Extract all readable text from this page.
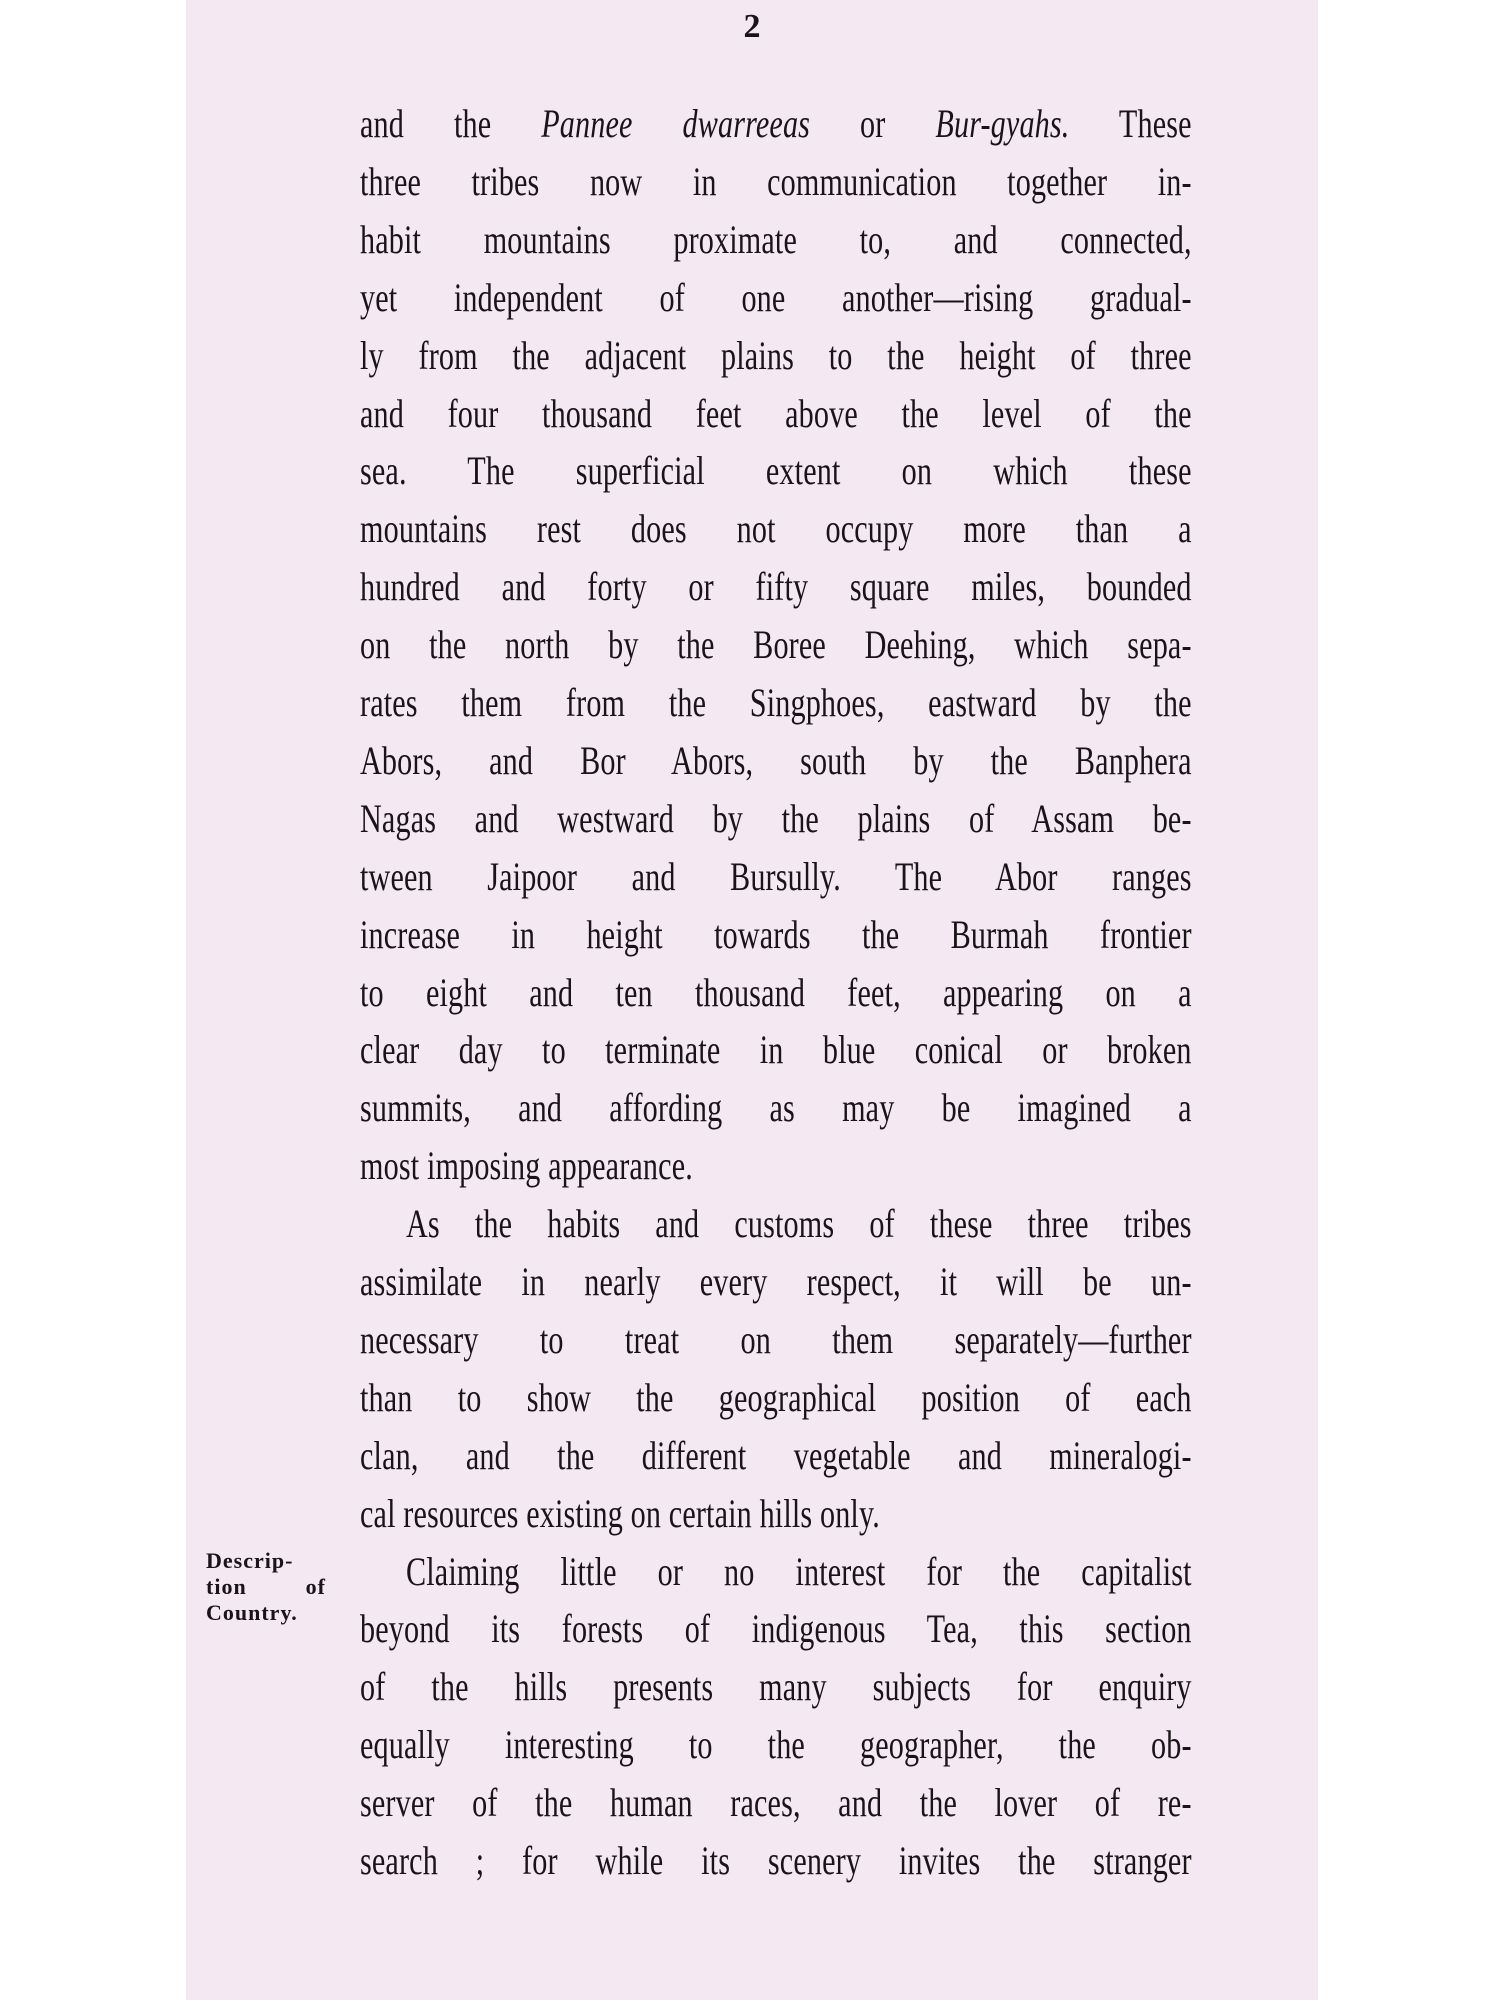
2
and the Pannee dwarreeas or Bur-gyahs. These
three tribes now in communication together in-
habit mountains proximate to, and connected,
yet independent of one another—rising gradual-
ly from the adjacent plains to the height of three
and four thousand feet above the level of the
sea. The superficial extent on which these
mountains rest does not occupy more than a
hundred and forty or fifty square miles, bounded
on the north by the Boree Deehing, which sepa-
rates them from the Singphoes, eastward by the
Abors, and Bor Abors, south by the Banphera
Nagas and westward by the plains of Assam be-
tween Jaipoor and Bursully. The Abor ranges
increase in height towards the Burmah frontier
to eight and ten thousand feet, appearing on a
clear day to terminate in blue conical or broken
summits, and affording as may be imagined a
most imposing appearance.
As the habits and customs of these three tribes
assimilate in nearly every respect, it will be un-
necessary to treat on them separately—further
than to show the geographical position of each
clan, and the different vegetable and mineralogi-
cal resources existing on certain hills only.
Claiming little or no interest for the capitalist
beyond its forests of indigenous Tea, this section
of the hills presents many subjects for enquiry
equally interesting to the geographer, the ob-
server of the human races, and the lover of re-
search ; for while its scenery invites the stranger
Descrip-
tion of
Country.
